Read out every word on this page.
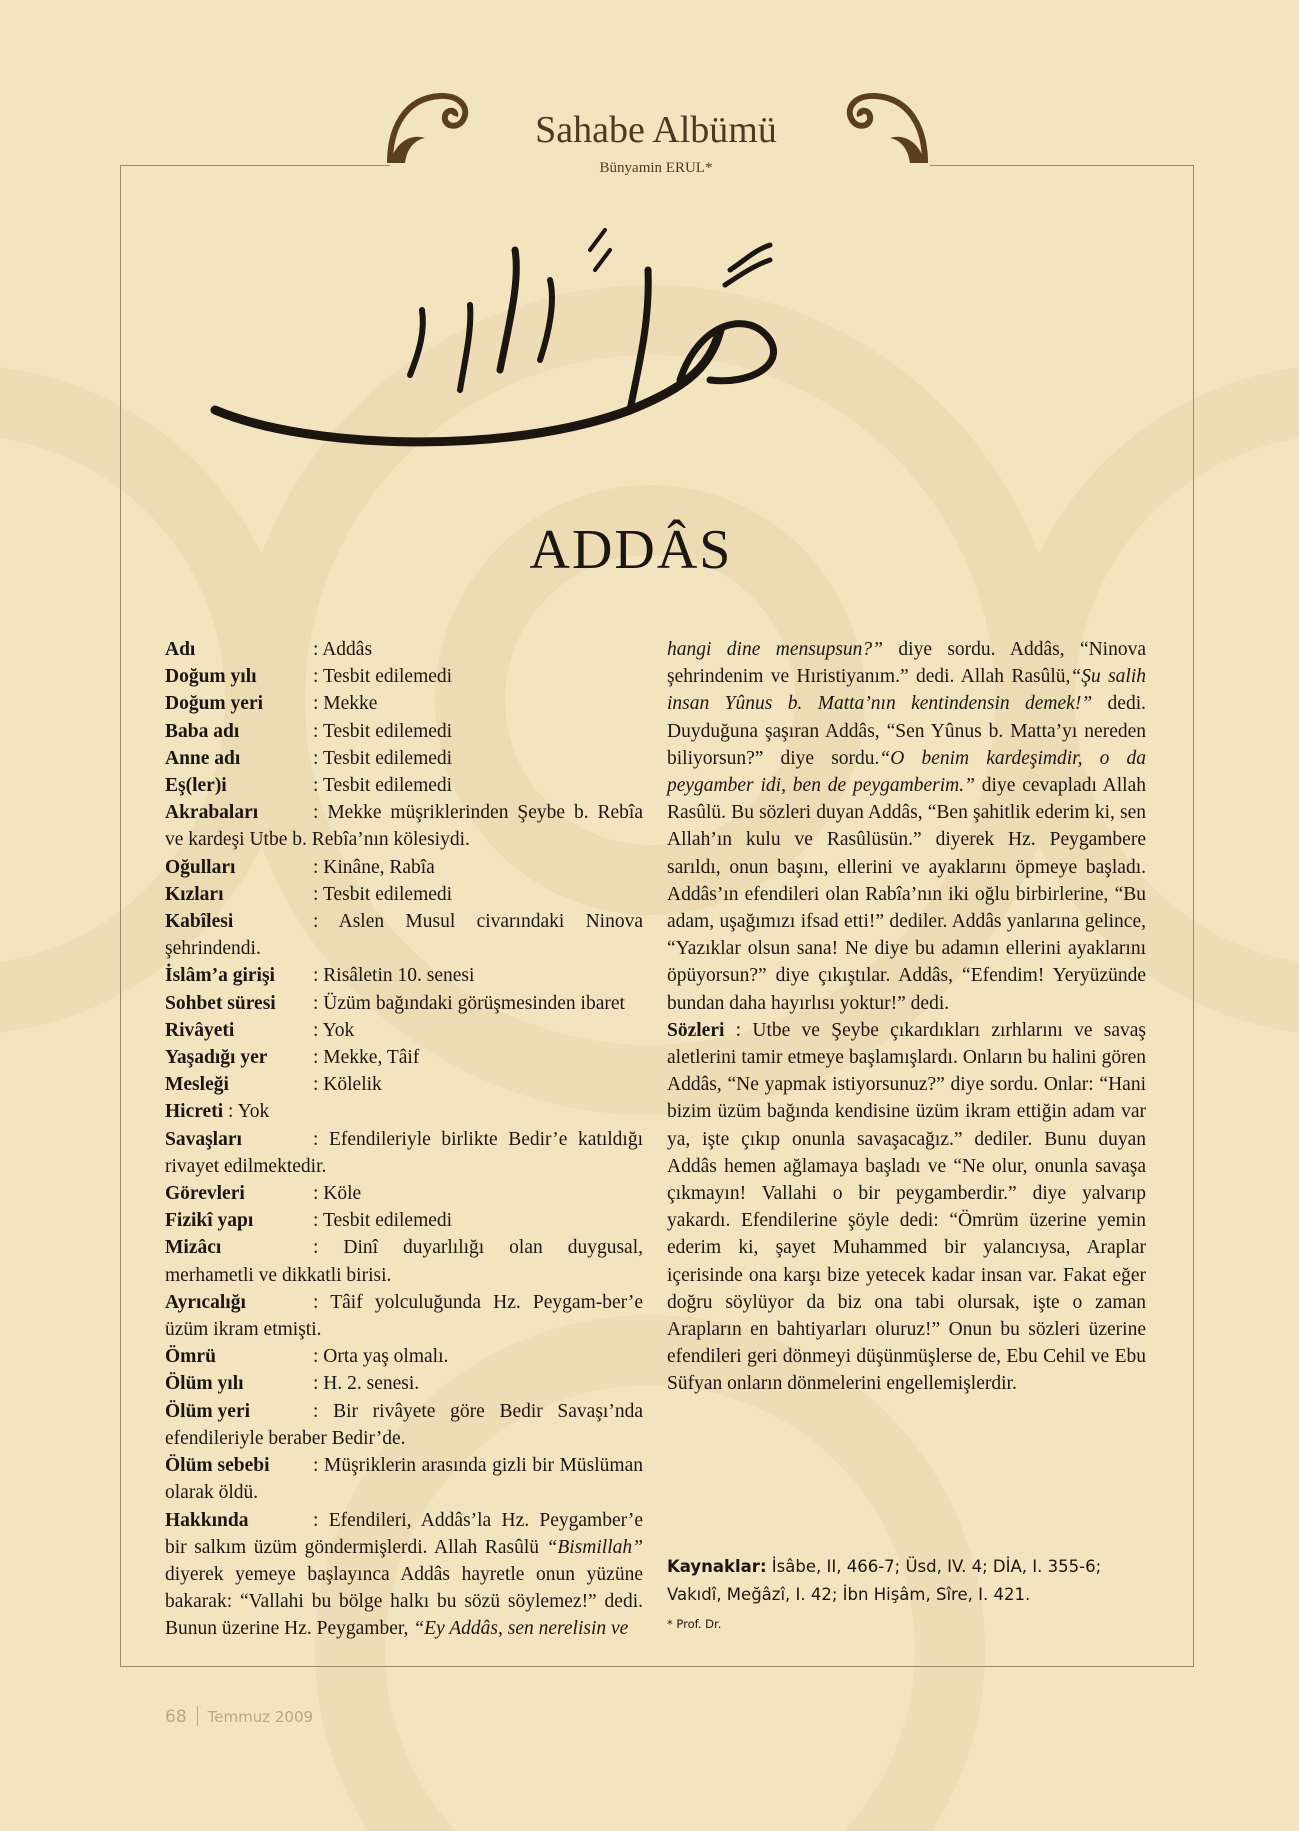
Sahabe Albümü
Bünyamin ERUL*
ADDÂS
Adı	: Addâs
Doğum yılı	: Tesbit edilemedi
Doğum yeri	: Mekke
Baba adı	: Tesbit edilemedi
Anne adı	: Tesbit edilemedi
Eş(ler)i	: Tesbit edilemedi
Akrabaları	: Mekke müşriklerinden Şeybe b. Rebîa ve kardeşi Utbe b. Rebîa’nın kölesiydi.
Oğulları	: Kinâne, Rabîa
Kızları	: Tesbit edilemedi
Kabîlesi	: Aslen Musul civarındaki Ninova şehrindendi.
İslâm’a girişi	: Risâletin 10. senesi
Sohbet süresi : Üzüm bağındaki görüşmesinden ibaret
Rivâyeti	: Yok
Yaşadığı yer	: Mekke, Tâif
Mesleği	: Kölelik
Hicreti : Yok
Savaşları	: Efendileriyle birlikte Bedir’e katıldığı rivayet edilmektedir.
Görevleri	: Köle
Fizikî yapı	: Tesbit edilemedi
Mizâcı	: Dinî duyarlılığı olan duygusal, merhametli ve dikkatli birisi.
Ayrıcalığı	: Tâif yolculuğunda Hz. Peygam-ber’e üzüm ikram etmişti.
Ömrü	: Orta yaş olmalı.
Ölüm yılı	: H. 2. senesi.
Ölüm yeri	: Bir rivâyete göre Bedir Savaşı’nda efendileriyle beraber Bedir’de.
Ölüm sebebi : Müşriklerin arasında gizli bir Müslüman olarak öldü.
Hakkında	: Efendileri, Addâs’la Hz. Peygamber’e bir salkım üzüm göndermişlerdi. Allah Rasûlü “Bismillah” diyerek yemeye başlayınca Addâs hayretle onun yüzüne bakarak: “Vallahi bu bölge halkı bu sözü söylemez!” dedi. Bunun üzerine Hz. Peygamber, “Ey Addâs, sen nerelisin ve
hangi dine mensupsun?” diye sordu. Addâs, “Ninova şehrindenim ve Hıristiyanım.” dedi. Allah Rasûlü,“Şu salih insan Yûnus b. Matta’nın kentindensin demek!” dedi. Duyduğuna şaşıran Addâs, “Sen Yûnus b. Matta’yı nereden biliyorsun?” diye sordu.“O benim kardeşimdir, o da peygamber idi, ben de peygamberim.” diye cevapladı Allah Rasûlü. Bu sözleri duyan Addâs, “Ben şahitlik ederim ki, sen Allah’ın kulu ve Rasûlüsün.” diyerek Hz. Peygambere sarıldı, onun başını, ellerini ve ayaklarını öpmeye başladı. Addâs’ın efendileri olan Rabîa’nın iki oğlu birbirlerine, “Bu adam, uşağımızı ifsad etti!” dediler. Addâs yanlarına gelince, “Yazıklar olsun sana! Ne diye bu adamın ellerini ayaklarını öpüyorsun?” diye çıkıştılar. Addâs, “Efendim! Yeryüzünde bundan daha hayırlısı yoktur!” dedi.
Sözleri : Utbe ve Şeybe çıkardıkları zırhlarını ve savaş aletlerini tamir etmeye başlamışlardı. Onların bu halini gören Addâs, “Ne yapmak istiyorsunuz?” diye sordu. Onlar: “Hani bizim üzüm bağında kendisine üzüm ikram ettiğin adam var ya, işte çıkıp onunla savaşacağız.” dediler. Bunu duyan Addâs hemen ağlamaya başladı ve “Ne olur, onunla savaşa çıkmayın! Vallahi o bir peygamberdir.” diye yalvarıp yakardı. Efendilerine şöyle dedi: “Ömrüm üzerine yemin ederim ki, şayet Muhammed bir yalancıysa, Araplar içerisinde ona karşı bize yetecek kadar insan var. Fakat eğer doğru söylüyor da biz ona tabi olursak, işte o zaman Arapların en bahtiyarları oluruz!” Onun bu sözleri üzerine efendileri geri dönmeyi düşünmüşlerse de, Ebu Cehil ve Ebu Süfyan onların dönmelerini engellemişlerdir.
Kaynaklar: İsâbe, II, 466-7; Üsd, IV. 4; DİA, I. 355-6; Vakıdî, Meğâzî, I. 42; İbn Hişâm, Sîre, I. 421.
* Prof. Dr.
68 Temmuz 2009
